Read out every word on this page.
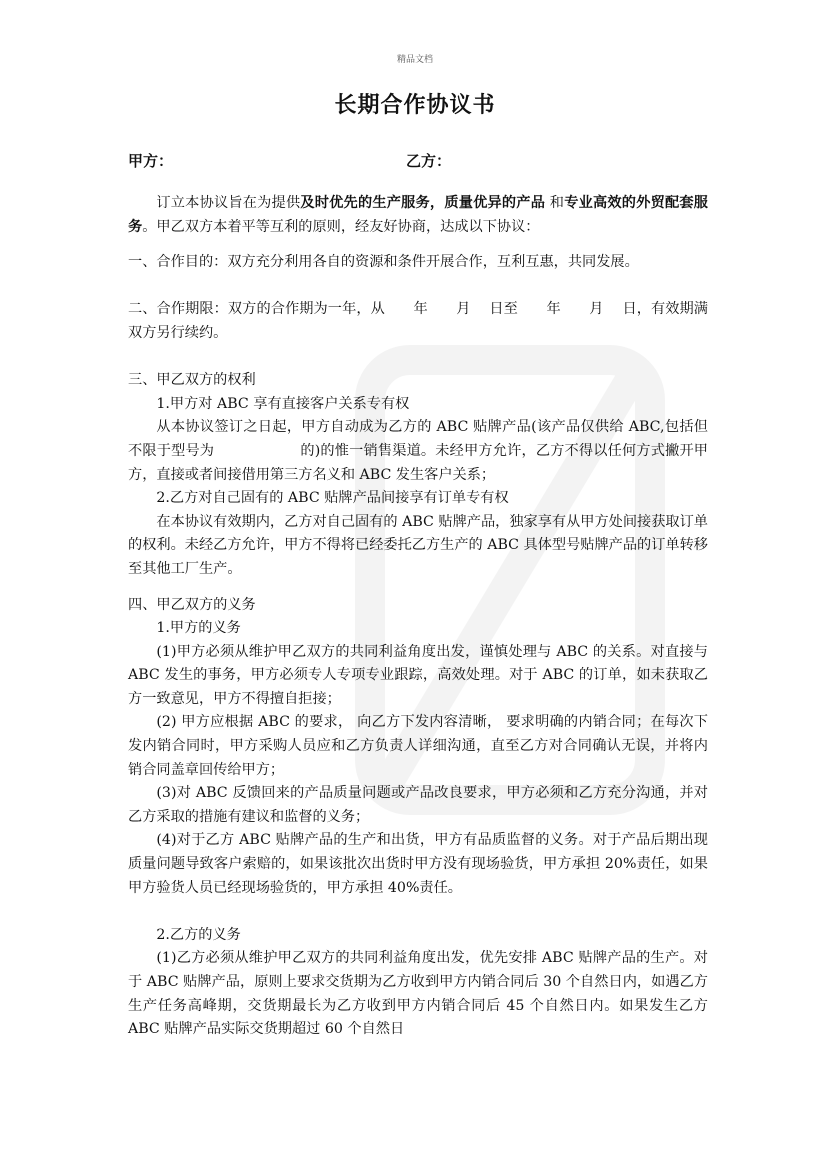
精品文档
长期合作协议书
甲方：	乙方：

订立本协议旨在为提供及时优先的生产服务，质量优异的产品 和专业高效的外贸配套服务。甲乙双方本着平等互利的原则，经友好协商，达成以下协议：

一、合作目的：双方充分利用各自的资源和条件开展合作，互利互惠，共同发展。

二、合作期限：双方的合作期为一年，从　　年　　月　 日至　　年　　月　 日，有效期满双方另行续约。

三、甲乙双方的权利

1.甲方对 ABC 享有直接客户关系专有权

从本协议签订之日起，甲方自动成为乙方的 ABC 贴牌产品(该产品仅供给 ABC,包括但不限于型号为　　　　　　的)的惟一销售渠道。未经甲方允许，乙方不得以任何方式撇开甲方，直接或者间接借用第三方名义和 ABC 发生客户关系；

2.乙方对自己固有的 ABC 贴牌产品间接享有订单专有权

在本协议有效期内，乙方对自己固有的 ABC 贴牌产品，独家享有从甲方处间接获取订单的权利。未经乙方允许，甲方不得将已经委托乙方生产的 ABC 具体型号贴牌产品的订单转移至其他工厂生产。

四、甲乙双方的义务

1.甲方的义务

(1)甲方必须从维护甲乙双方的共同利益角度出发，谨慎处理与 ABC 的关系。对直接与 ABC 发生的事务，甲方必须专人专项专业跟踪，高效处理。对于 ABC 的订单，如未获取乙方一致意见，甲方不得擅自拒接；

(2) 甲方应根据 ABC 的要求， 向乙方下发内容清晰， 要求明确的内销合同；在每次下发内销合同时，甲方采购人员应和乙方负责人详细沟通，直至乙方对合同确认无误，并将内销合同盖章回传给甲方；

(3)对 ABC 反馈回来的产品质量问题或产品改良要求，甲方必须和乙方充分沟通，并对乙方采取的措施有建议和监督的义务；

(4)对于乙方 ABC 贴牌产品的生产和出货，甲方有品质监督的义务。对于产品后期出现质量问题导致客户索赔的，如果该批次出货时甲方没有现场验货，甲方承担 20%责任，如果甲方验货人员已经现场验货的，甲方承担 40%责任。

2.乙方的义务

(1)乙方必须从维护甲乙双方的共同利益角度出发，优先安排 ABC 贴牌产品的生产。对于 ABC 贴牌产品，原则上要求交货期为乙方收到甲方内销合同后 30 个自然日内，如遇乙方生产任务高峰期，交货期最长为乙方收到甲方内销合同后 45 个自然日内。如果发生乙方 ABC 贴牌产品实际交货期超过 60 个自然日
